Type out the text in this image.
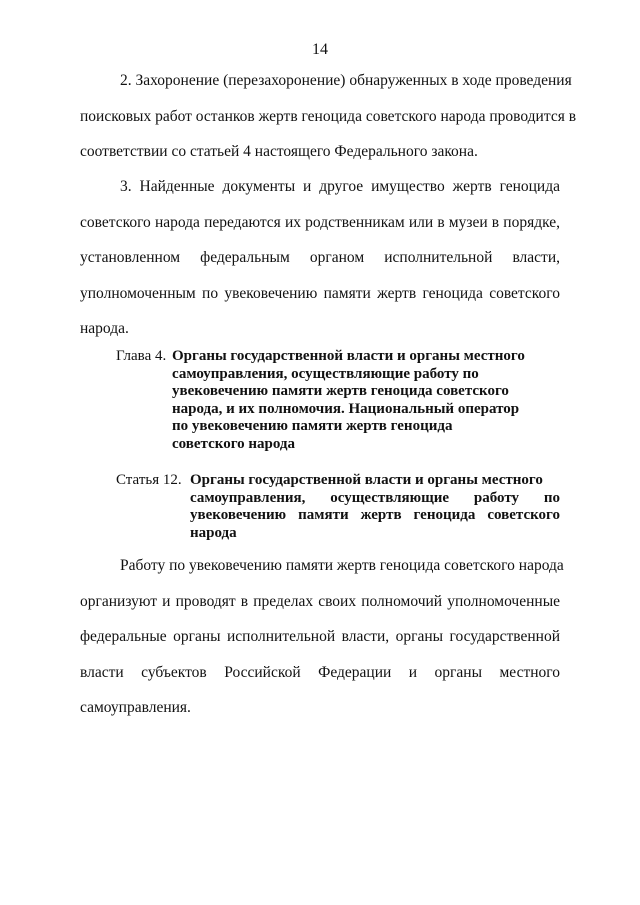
14
2. Захоронение (перезахоронение) обнаруженных в ходе проведения
поисковых работ останков жертв геноцида советского народа проводится в
соответствии со статьей 4 настоящего Федерального закона.
3. Найденные документы и другое имущество жертв геноцида
советского народа передаются их родственникам или в музеи в порядке,
установленном федеральным органом исполнительной власти,
уполномоченным по увековечению памяти жертв геноцида советского
народа.
Глава 4. Органы государственной власти и органы местного
самоуправления, осуществляющие работу по
увековечению памяти жертв геноцида советского
народа, и их полномочия. Национальный оператор
по увековечению памяти жертв геноцида
советского народа
Статья 12. Органы государственной власти и органы местного
самоуправления, осуществляющие работу по
увековечению памяти жертв геноцида советского
народа
Работу по увековечению памяти жертв геноцида советского народа
организуют и проводят в пределах своих полномочий уполномоченные
федеральные органы исполнительной власти, органы государственной
власти субъектов Российской Федерации и органы местного
самоуправления.
